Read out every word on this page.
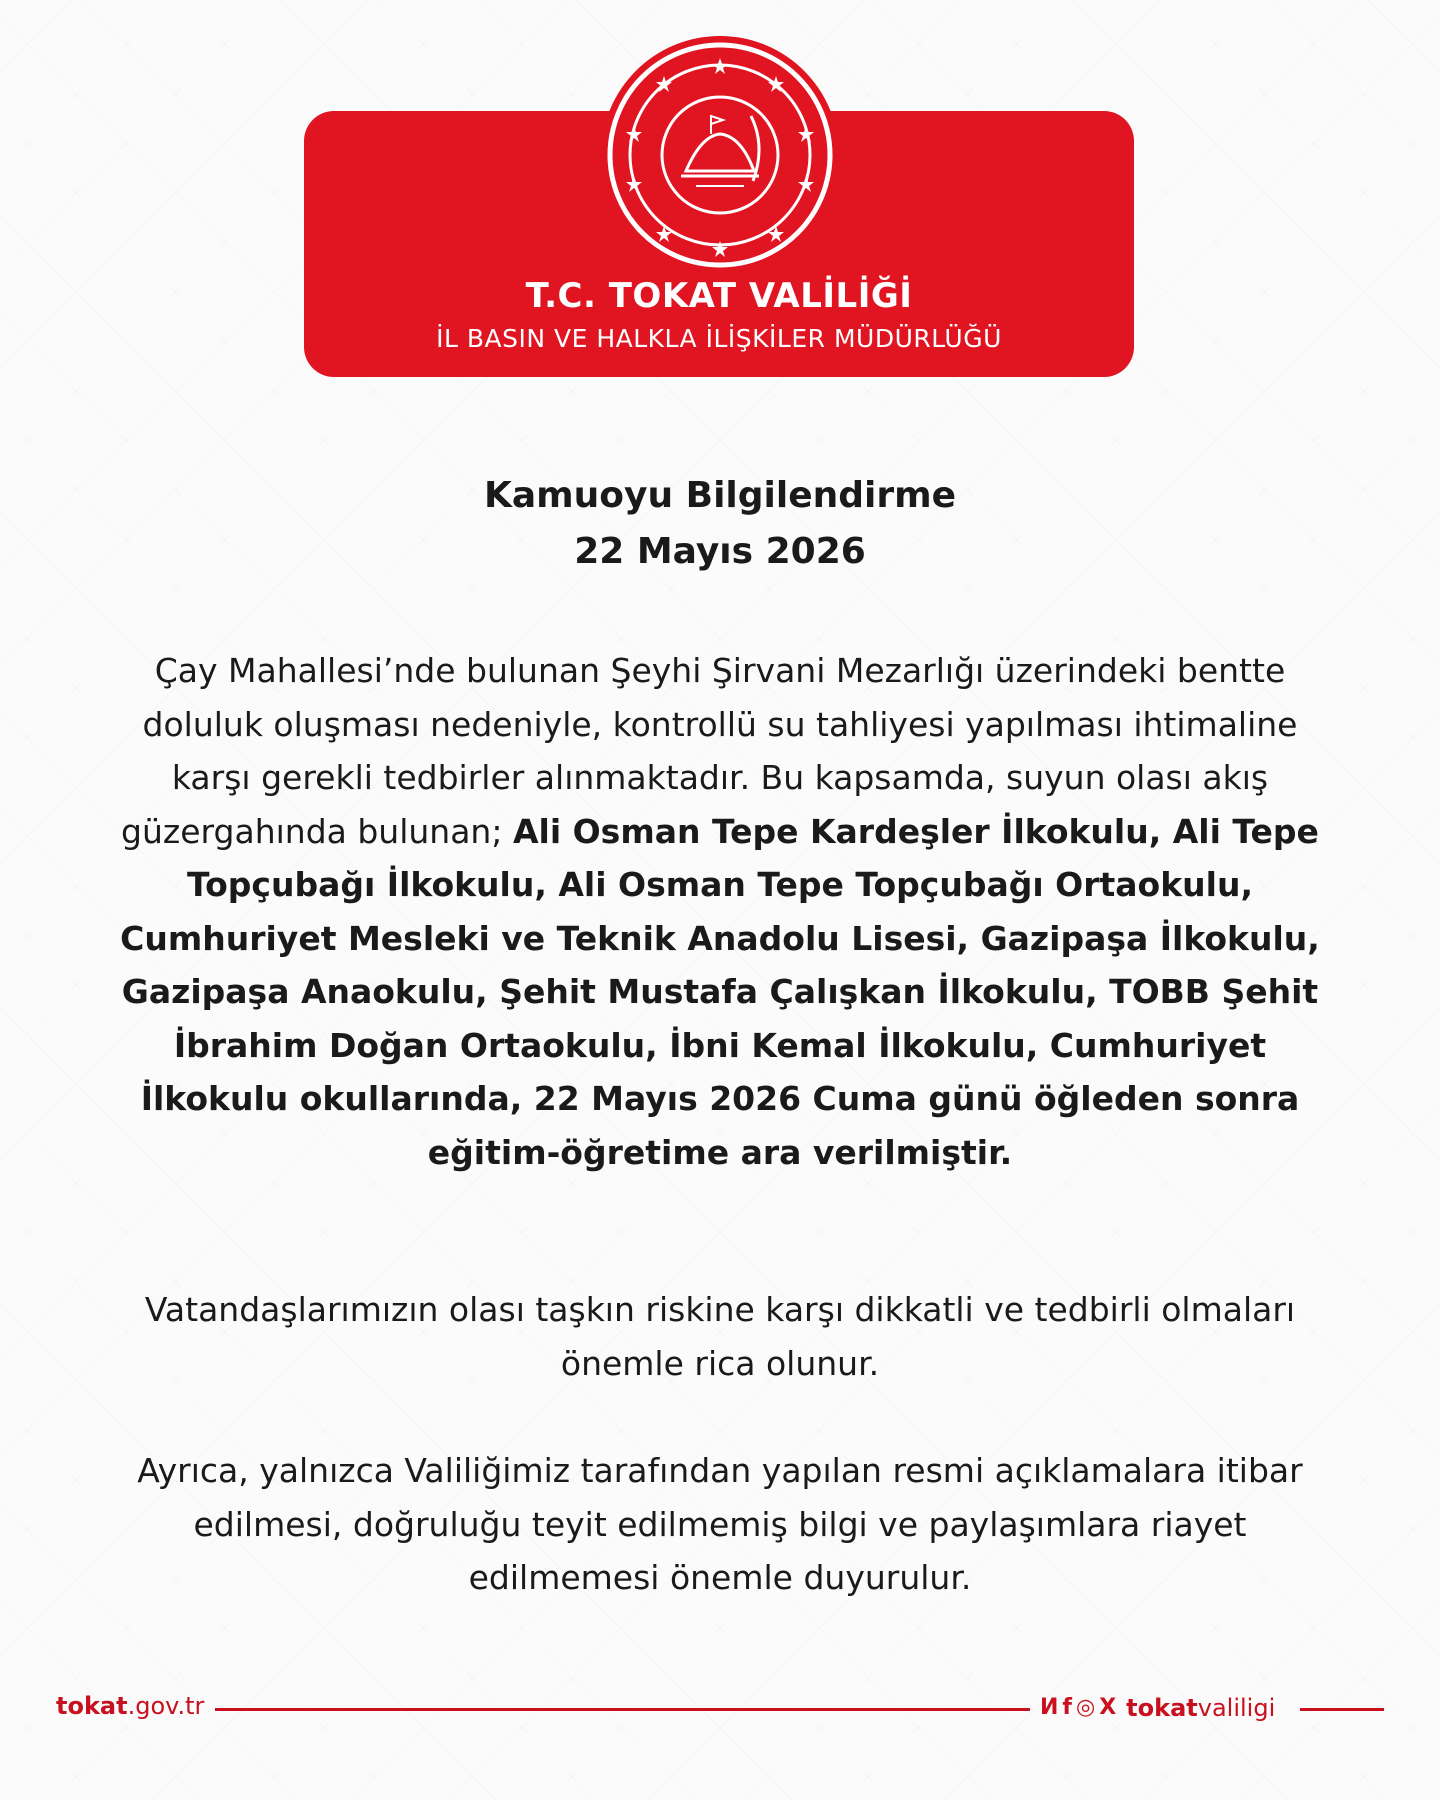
T.C. TOKAT VALİLİĞİ
İL BASIN VE HALKLA İLİŞKİLER MÜDÜRLÜĞÜ
Kamuoyu Bilgilendirme
22 Mayıs 2026

Çay Mahallesi’nde bulunan Şeyhi Şirvani Mezarlığı üzerindeki bentte doluluk oluşması nedeniyle, kontrollü su tahliyesi yapılması ihtimaline karşı gerekli tedbirler alınmaktadır. Bu kapsamda, suyun olası akış güzergahında bulunan; Ali Osman Tepe Kardeşler İlkokulu, Ali Tepe Topçubağı İlkokulu, Ali Osman Tepe Topçubağı Ortaokulu, Cumhuriyet Mesleki ve Teknik Anadolu Lisesi, Gazipaşa İlkokulu, Gazipaşa Anaokulu, Şehit Mustafa Çalışkan İlkokulu, TOBB Şehit İbrahim Doğan Ortaokulu, İbni Kemal İlkokulu, Cumhuriyet İlkokulu okullarında, 22 Mayıs 2026 Cuma günü öğleden sonra eğitim-öğretime ara verilmiştir.

Vatandaşlarımızın olası taşkın riskine karşı dikkatli ve tedbirli olmaları önemle rica olunur.

Ayrıca, yalnızca Valiliğimiz tarafından yapılan resmi açıklamalara itibar edilmesi, doğruluğu teyit edilmemiş bilgi ve paylaşımlara riayet edilmemesi önemle duyurulur.

tokat.gov.tr	И f ◎ X tokatvaliligi
